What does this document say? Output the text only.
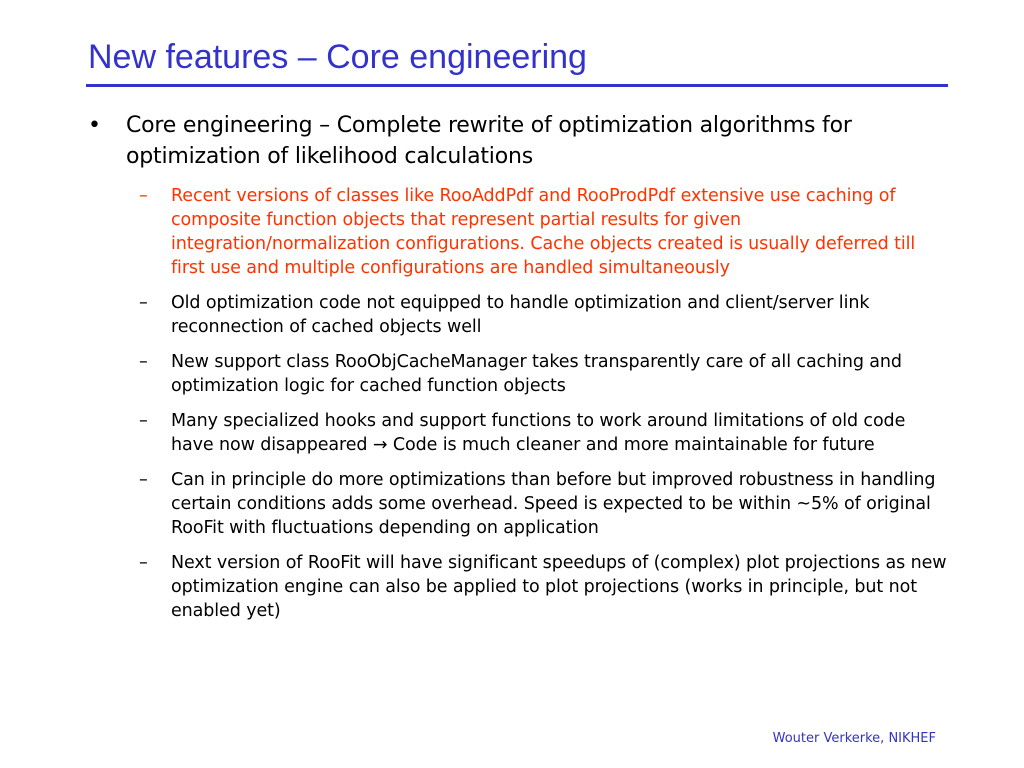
New features – Core engineering
• Core engineering – Complete rewrite of optimization algorithms for optimization of likelihood calculations
– Recent versions of classes like RooAddPdf and RooProdPdf extensive use caching of composite function objects that represent partial results for given integration/normalization configurations. Cache objects created is usually deferred till first use and multiple configurations are handled simultaneously
– Old optimization code not equipped to handle optimization and client/server link reconnection of cached objects well
– New support class RooObjCacheManager takes transparently care of all caching and optimization logic for cached function objects
– Many specialized hooks and support functions to work around limitations of old code have now disappeared → Code is much cleaner and more maintainable for future
– Can in principle do more optimizations than before but improved robustness in handling certain conditions adds some overhead. Speed is expected to be within ~5% of original RooFit with fluctuations depending on application
– Next version of RooFit will have significant speedups of (complex) plot projections as new optimization engine can also be applied to plot projections (works in principle, but not enabled yet)
Wouter Verkerke, NIKHEF
